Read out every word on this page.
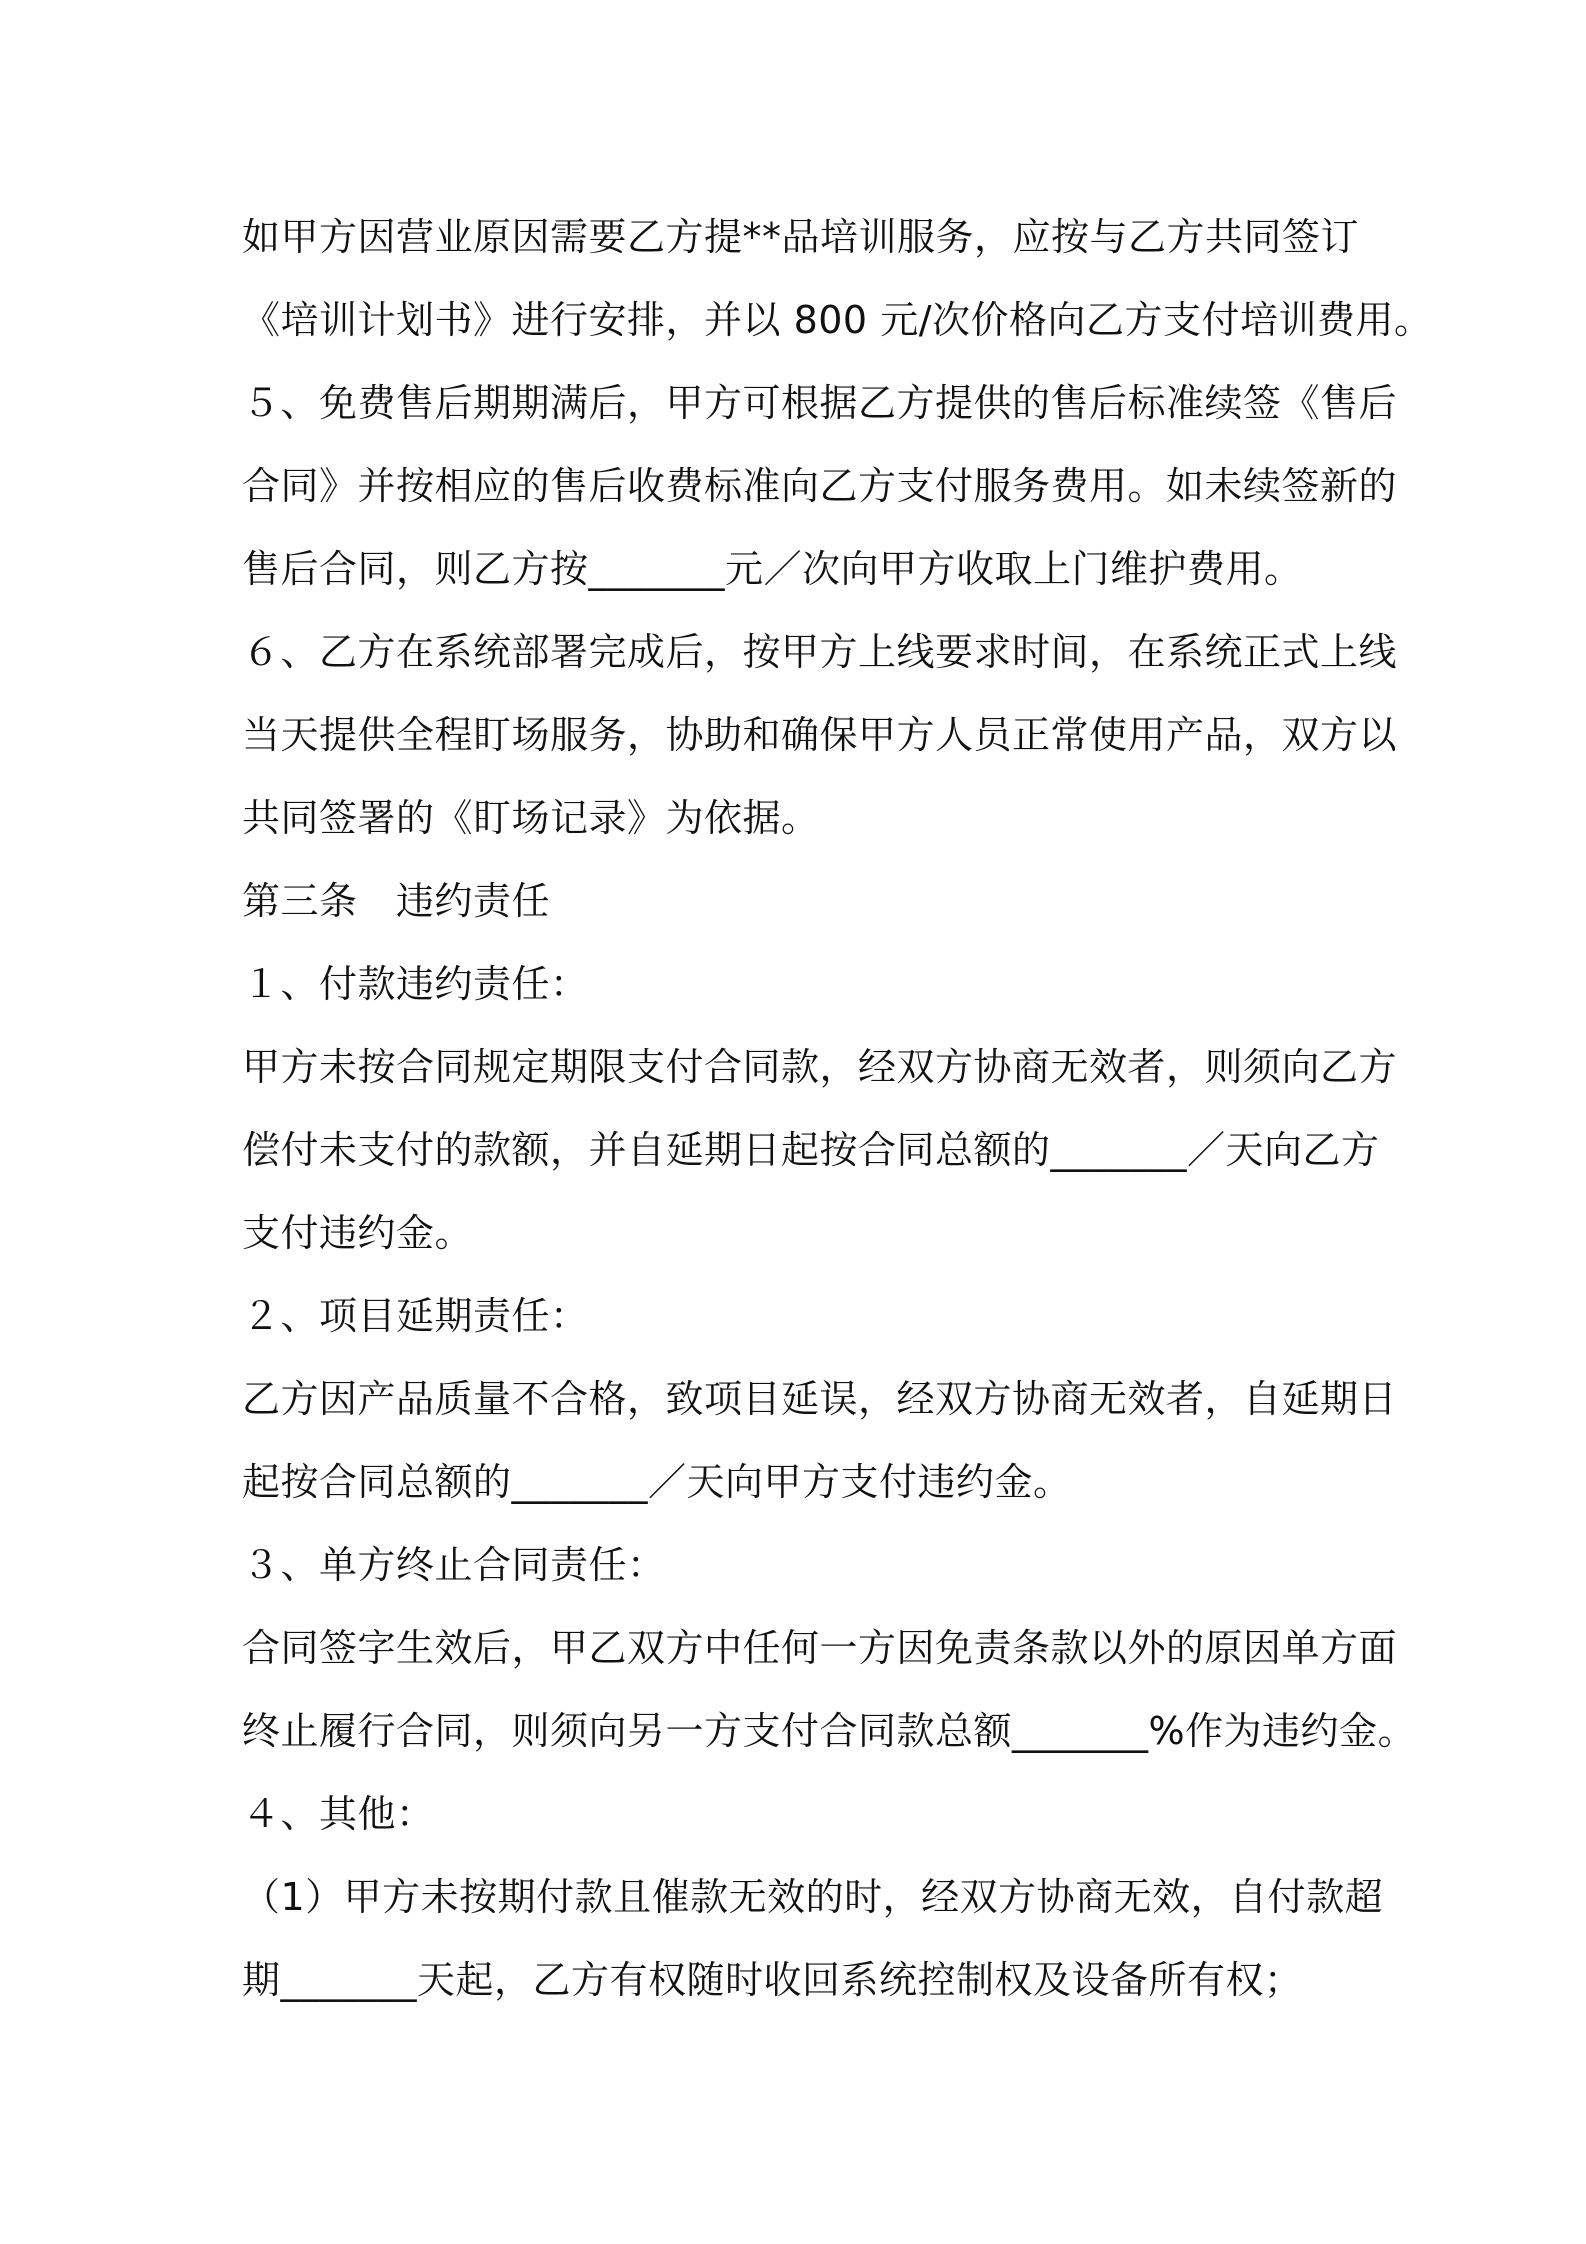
如甲方因营业原因需要乙方提**品培训服务，应按与乙方共同签订
《培训计划书》进行安排，并以 800 元/次价格向乙方支付培训费用。
５、免费售后期期满后，甲方可根据乙方提供的售后标准续签《售后
合同》并按相应的售后收费标准向乙方支付服务费用。如未续签新的
售后合同，则乙方按_______元／次向甲方收取上门维护费用。
６、乙方在系统部署完成后，按甲方上线要求时间，在系统正式上线
当天提供全程盯场服务，协助和确保甲方人员正常使用产品，双方以
共同签署的《盯场记录》为依据。
第三条　违约责任
１、付款违约责任：
甲方未按合同规定期限支付合同款，经双方协商无效者，则须向乙方
偿付未支付的款额，并自延期日起按合同总额的_______／天向乙方
支付违约金。
２、项目延期责任：
乙方因产品质量不合格，致项目延误，经双方协商无效者，自延期日
起按合同总额的_______／天向甲方支付违约金。
３、单方终止合同责任：
合同签字生效后，甲乙双方中任何一方因免责条款以外的原因单方面
终止履行合同，则须向另一方支付合同款总额_______%作为违约金。
４、其他：
（1）甲方未按期付款且催款无效的时，经双方协商无效，自付款超
期_______天起，乙方有权随时收回系统控制权及设备所有权；
